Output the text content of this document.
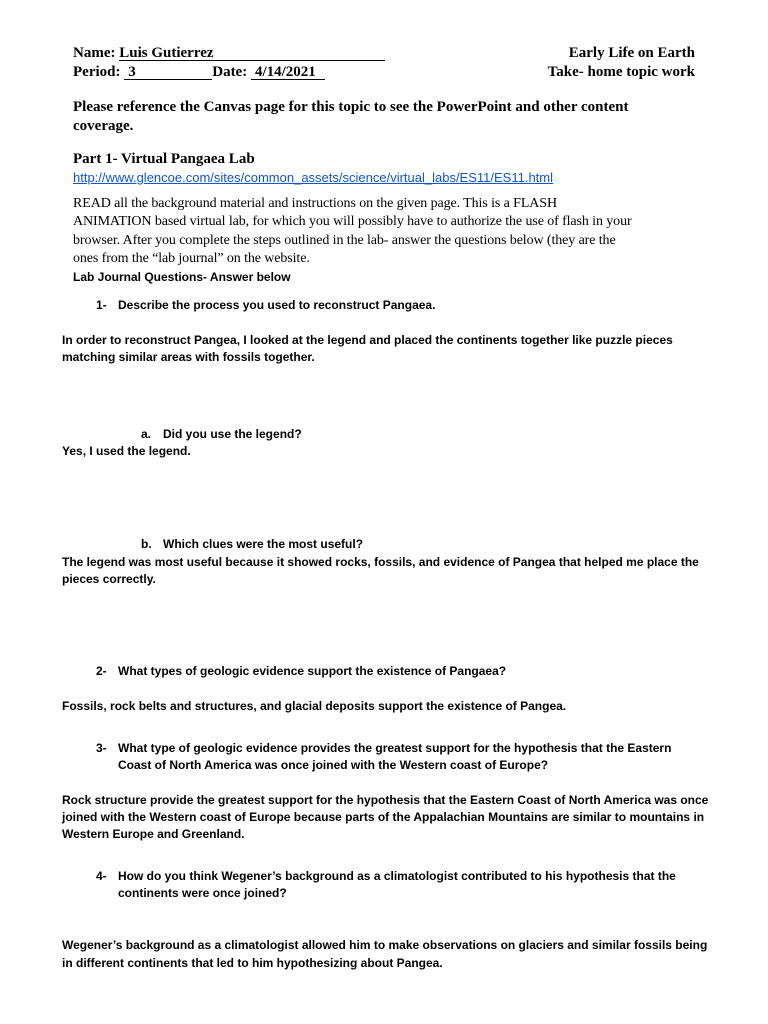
Name: Luis Gutierrez	Early Life on Earth
Period: 3	Date: 4/14/2021	Take- home topic work
Please reference the Canvas page for this topic to see the PowerPoint and other content coverage.
Part 1- Virtual Pangaea Lab
http://www.glencoe.com/sites/common_assets/science/virtual_labs/ES11/ES11.html
READ all the background material and instructions on the given page. This is a FLASH
ANIMATION based virtual lab, for which you will possibly have to authorize the use of flash in your
browser. After you complete the steps outlined in the lab- answer the questions below (they are the
ones from the “lab journal” on the website.
Lab Journal Questions- Answer below
1- Describe the process you used to reconstruct Pangaea.
In order to reconstruct Pangea, I looked at the legend and placed the continents together like puzzle pieces
matching similar areas with fossils together.
a. Did you use the legend?
Yes, I used the legend.
b. Which clues were the most useful?
The legend was most useful because it showed rocks, fossils, and evidence of Pangea that helped me place the
pieces correctly.
2- What types of geologic evidence support the existence of Pangaea?
Fossils, rock belts and structures, and glacial deposits support the existence of Pangea.
3- What type of geologic evidence provides the greatest support for the hypothesis that the Eastern
Coast of North America was once joined with the Western coast of Europe?
Rock structure provide the greatest support for the hypothesis that the Eastern Coast of North America was once
joined with the Western coast of Europe because parts of the Appalachian Mountains are similar to mountains in
Western Europe and Greenland.
4- How do you think Wegener’s background as a climatologist contributed to his hypothesis that the
continents were once joined?
Wegener’s background as a climatologist allowed him to make observations on glaciers and similar fossils being
in different continents that led to him hypothesizing about Pangea.
